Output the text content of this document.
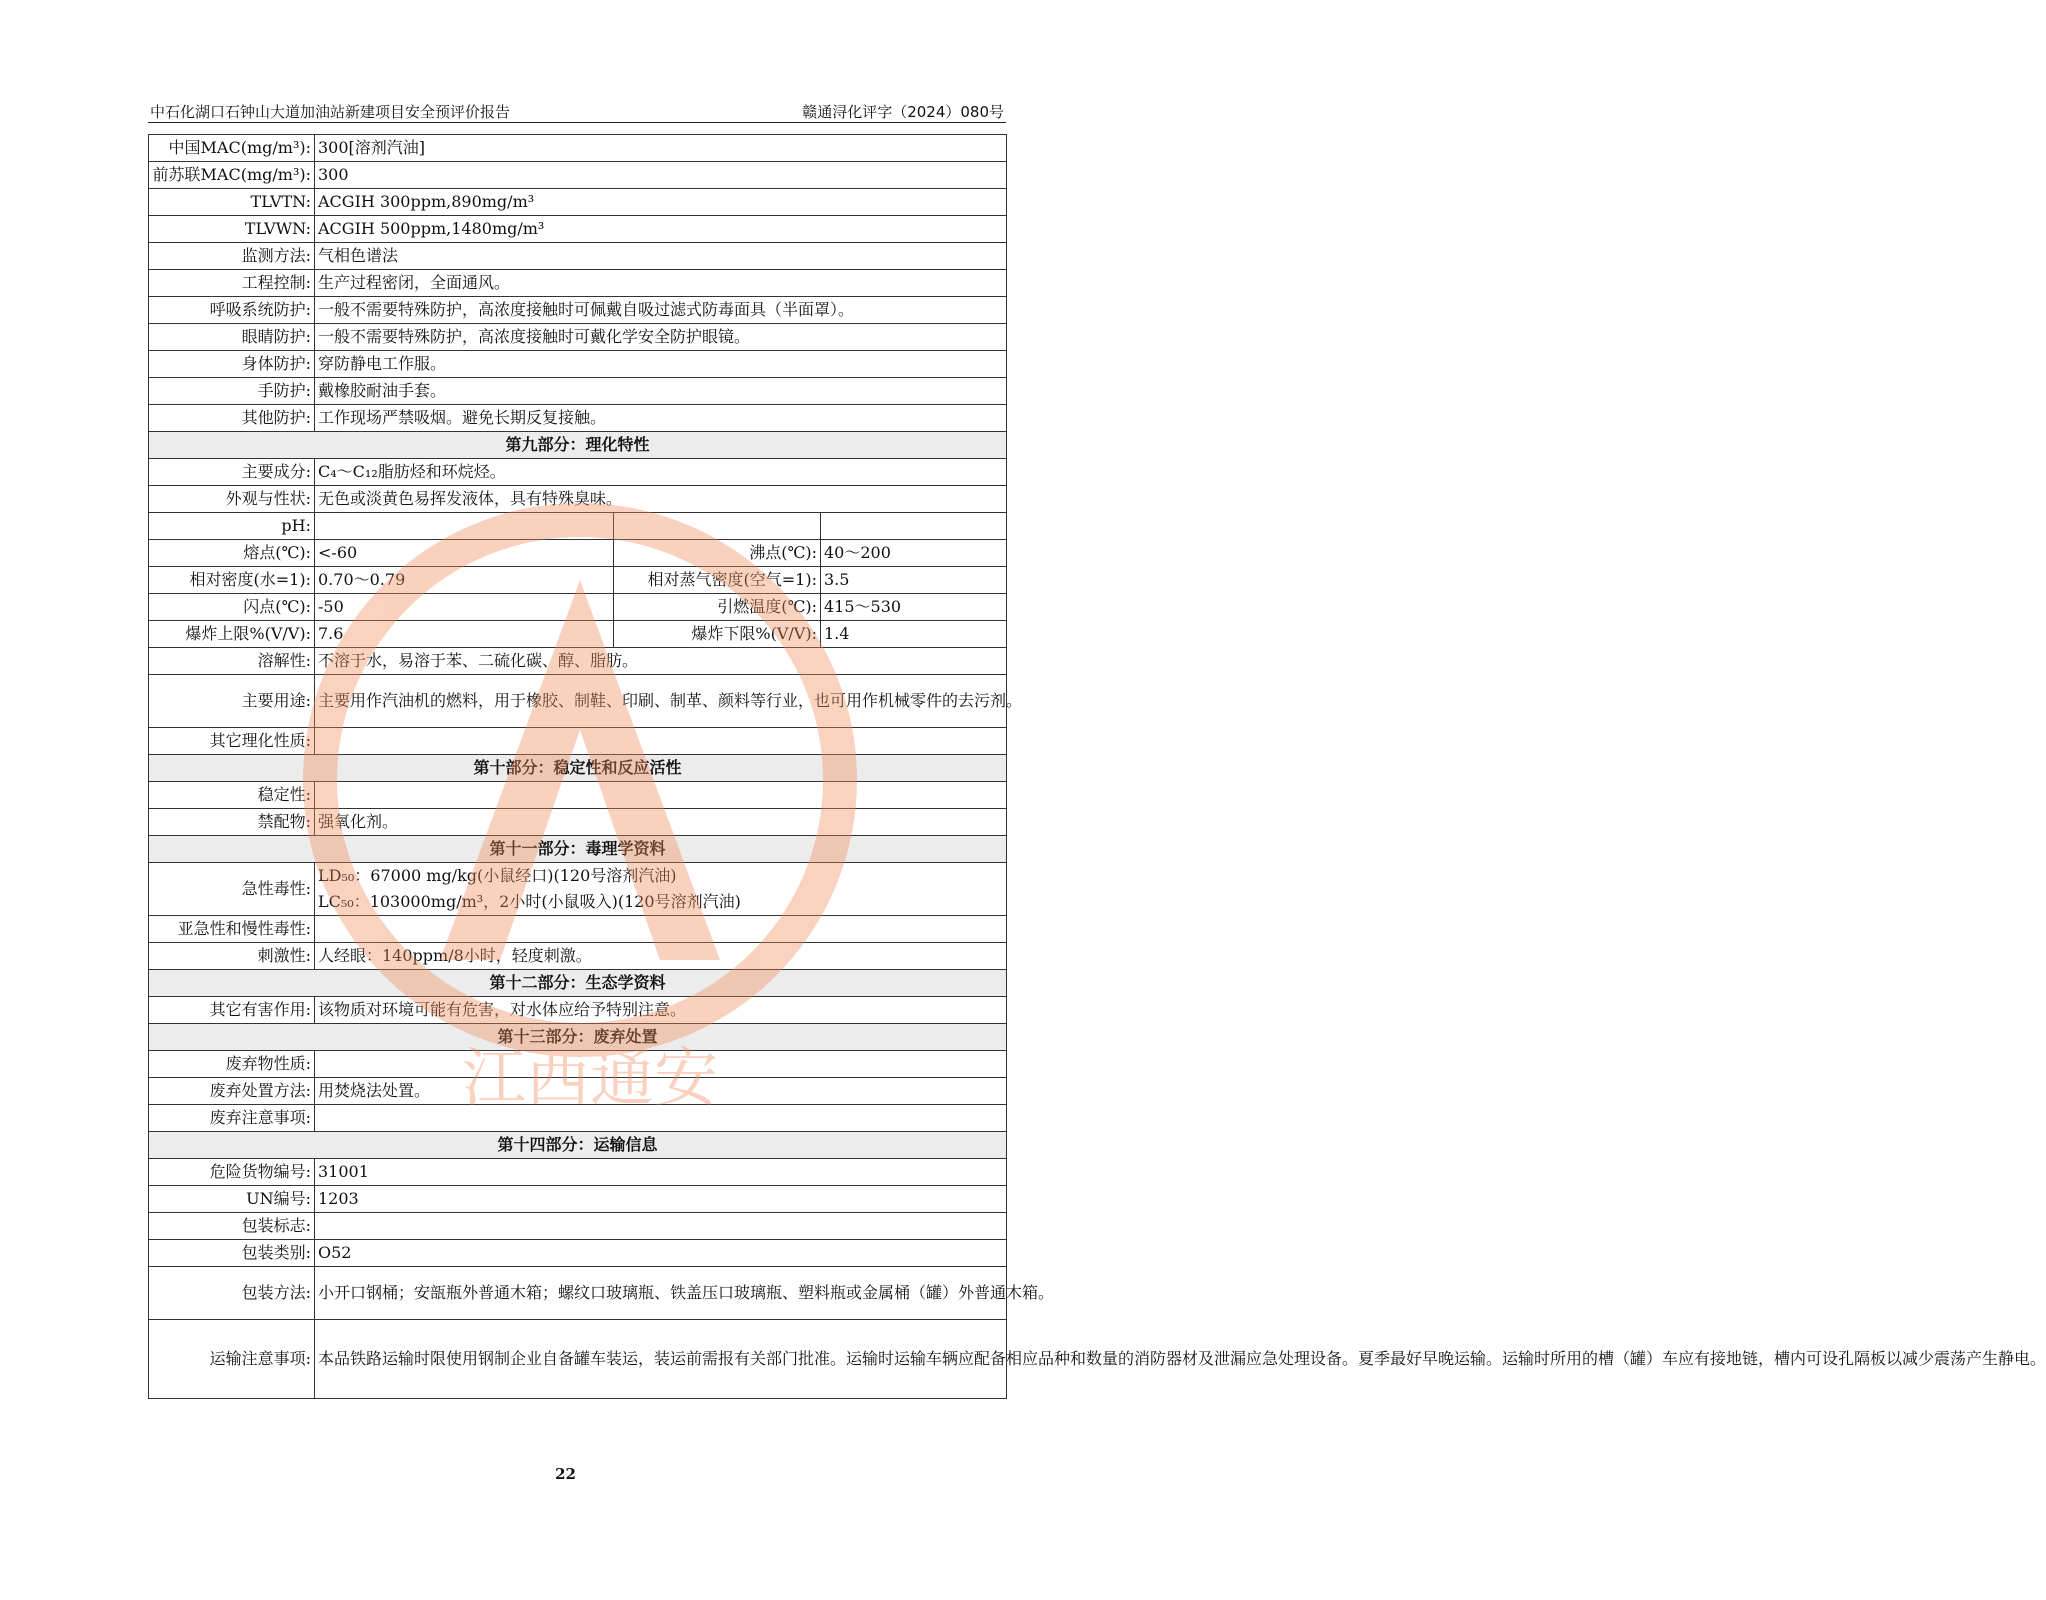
中石化湖口石钟山大道加油站新建项目安全预评价报告	赣通浔化评字（2024）080号
中国MAC(mg/m³):	300[溶剂汽油]		
前苏联MAC(mg/m³):	300		
TLVTN:	ACGIH 300ppm,890mg/m³		
TLVWN:	ACGIH 500ppm,1480mg/m³		
监测方法:	气相色谱法		
工程控制:	生产过程密闭，全面通风。		
呼吸系统防护:	一般不需要特殊防护，高浓度接触时可佩戴自吸过滤式防毒面具（半面罩）。		
眼睛防护:	一般不需要特殊防护，高浓度接触时可戴化学安全防护眼镜。		
身体防护:	穿防静电工作服。		
手防护:	戴橡胶耐油手套。		
其他防护:	工作现场严禁吸烟。避免长期反复接触。		
第九部分：理化特性			
主要成分:	C₄～C₁₂脂肪烃和环烷烃。		
外观与性状:	无色或淡黄色易挥发液体，具有特殊臭味。		
pH:			
熔点(℃):	<-60	沸点(℃):	40～200
相对密度(水=1):	0.70～0.79	相对蒸气密度(空气=1):	3.5
闪点(℃):	-50	引燃温度(℃):	415～530
爆炸上限%(V/V):	7.6	爆炸下限%(V/V):	1.4
溶解性:	不溶于水，易溶于苯、二硫化碳、醇、脂肪。		
主要用途:	主要用作汽油机的燃料，用于橡胶、制鞋、印刷、制革、颜料等行业，也可用作机械零件的去污剂。		
其它理化性质:			
第十部分：稳定性和反应活性			
稳定性:			
禁配物:	强氧化剂。		
第十一部分：毒理学资料			
急性毒性:	LD₅₀：67000 mg/kg(小鼠经口)(120号溶剂汽油)
LC₅₀：103000mg/m³，2小时(小鼠吸入)(120号溶剂汽油)		

亚急性和慢性毒性:			
刺激性:	人经眼：140ppm/8小时，轻度刺激。		
第十二部分：生态学资料			
其它有害作用:	该物质对环境可能有危害，对水体应给予特别注意。		
第十三部分：废弃处置			
废弃物性质:			
废弃处置方法:	用焚烧法处置。		
废弃注意事项:			
第十四部分：运输信息			
危险货物编号:	31001		
UN编号:	1203		
包装标志:			
包装类别:	O52		
包装方法:	小开口钢桶；安瓿瓶外普通木箱；螺纹口玻璃瓶、铁盖压口玻璃瓶、塑料瓶或金属桶（罐）外普通木箱。		
运输注意事项:	本品铁路运输时限使用钢制企业自备罐车装运，装运前需报有关部门批准。运输时运输车辆应配备相应品种和数量的消防器材及泄漏应急处理设备。夏季最好早晚运输。运输时所用的槽（罐）车应有接地链，槽内可设孔隔板以减少震荡产生静电。		
江西通安
22
